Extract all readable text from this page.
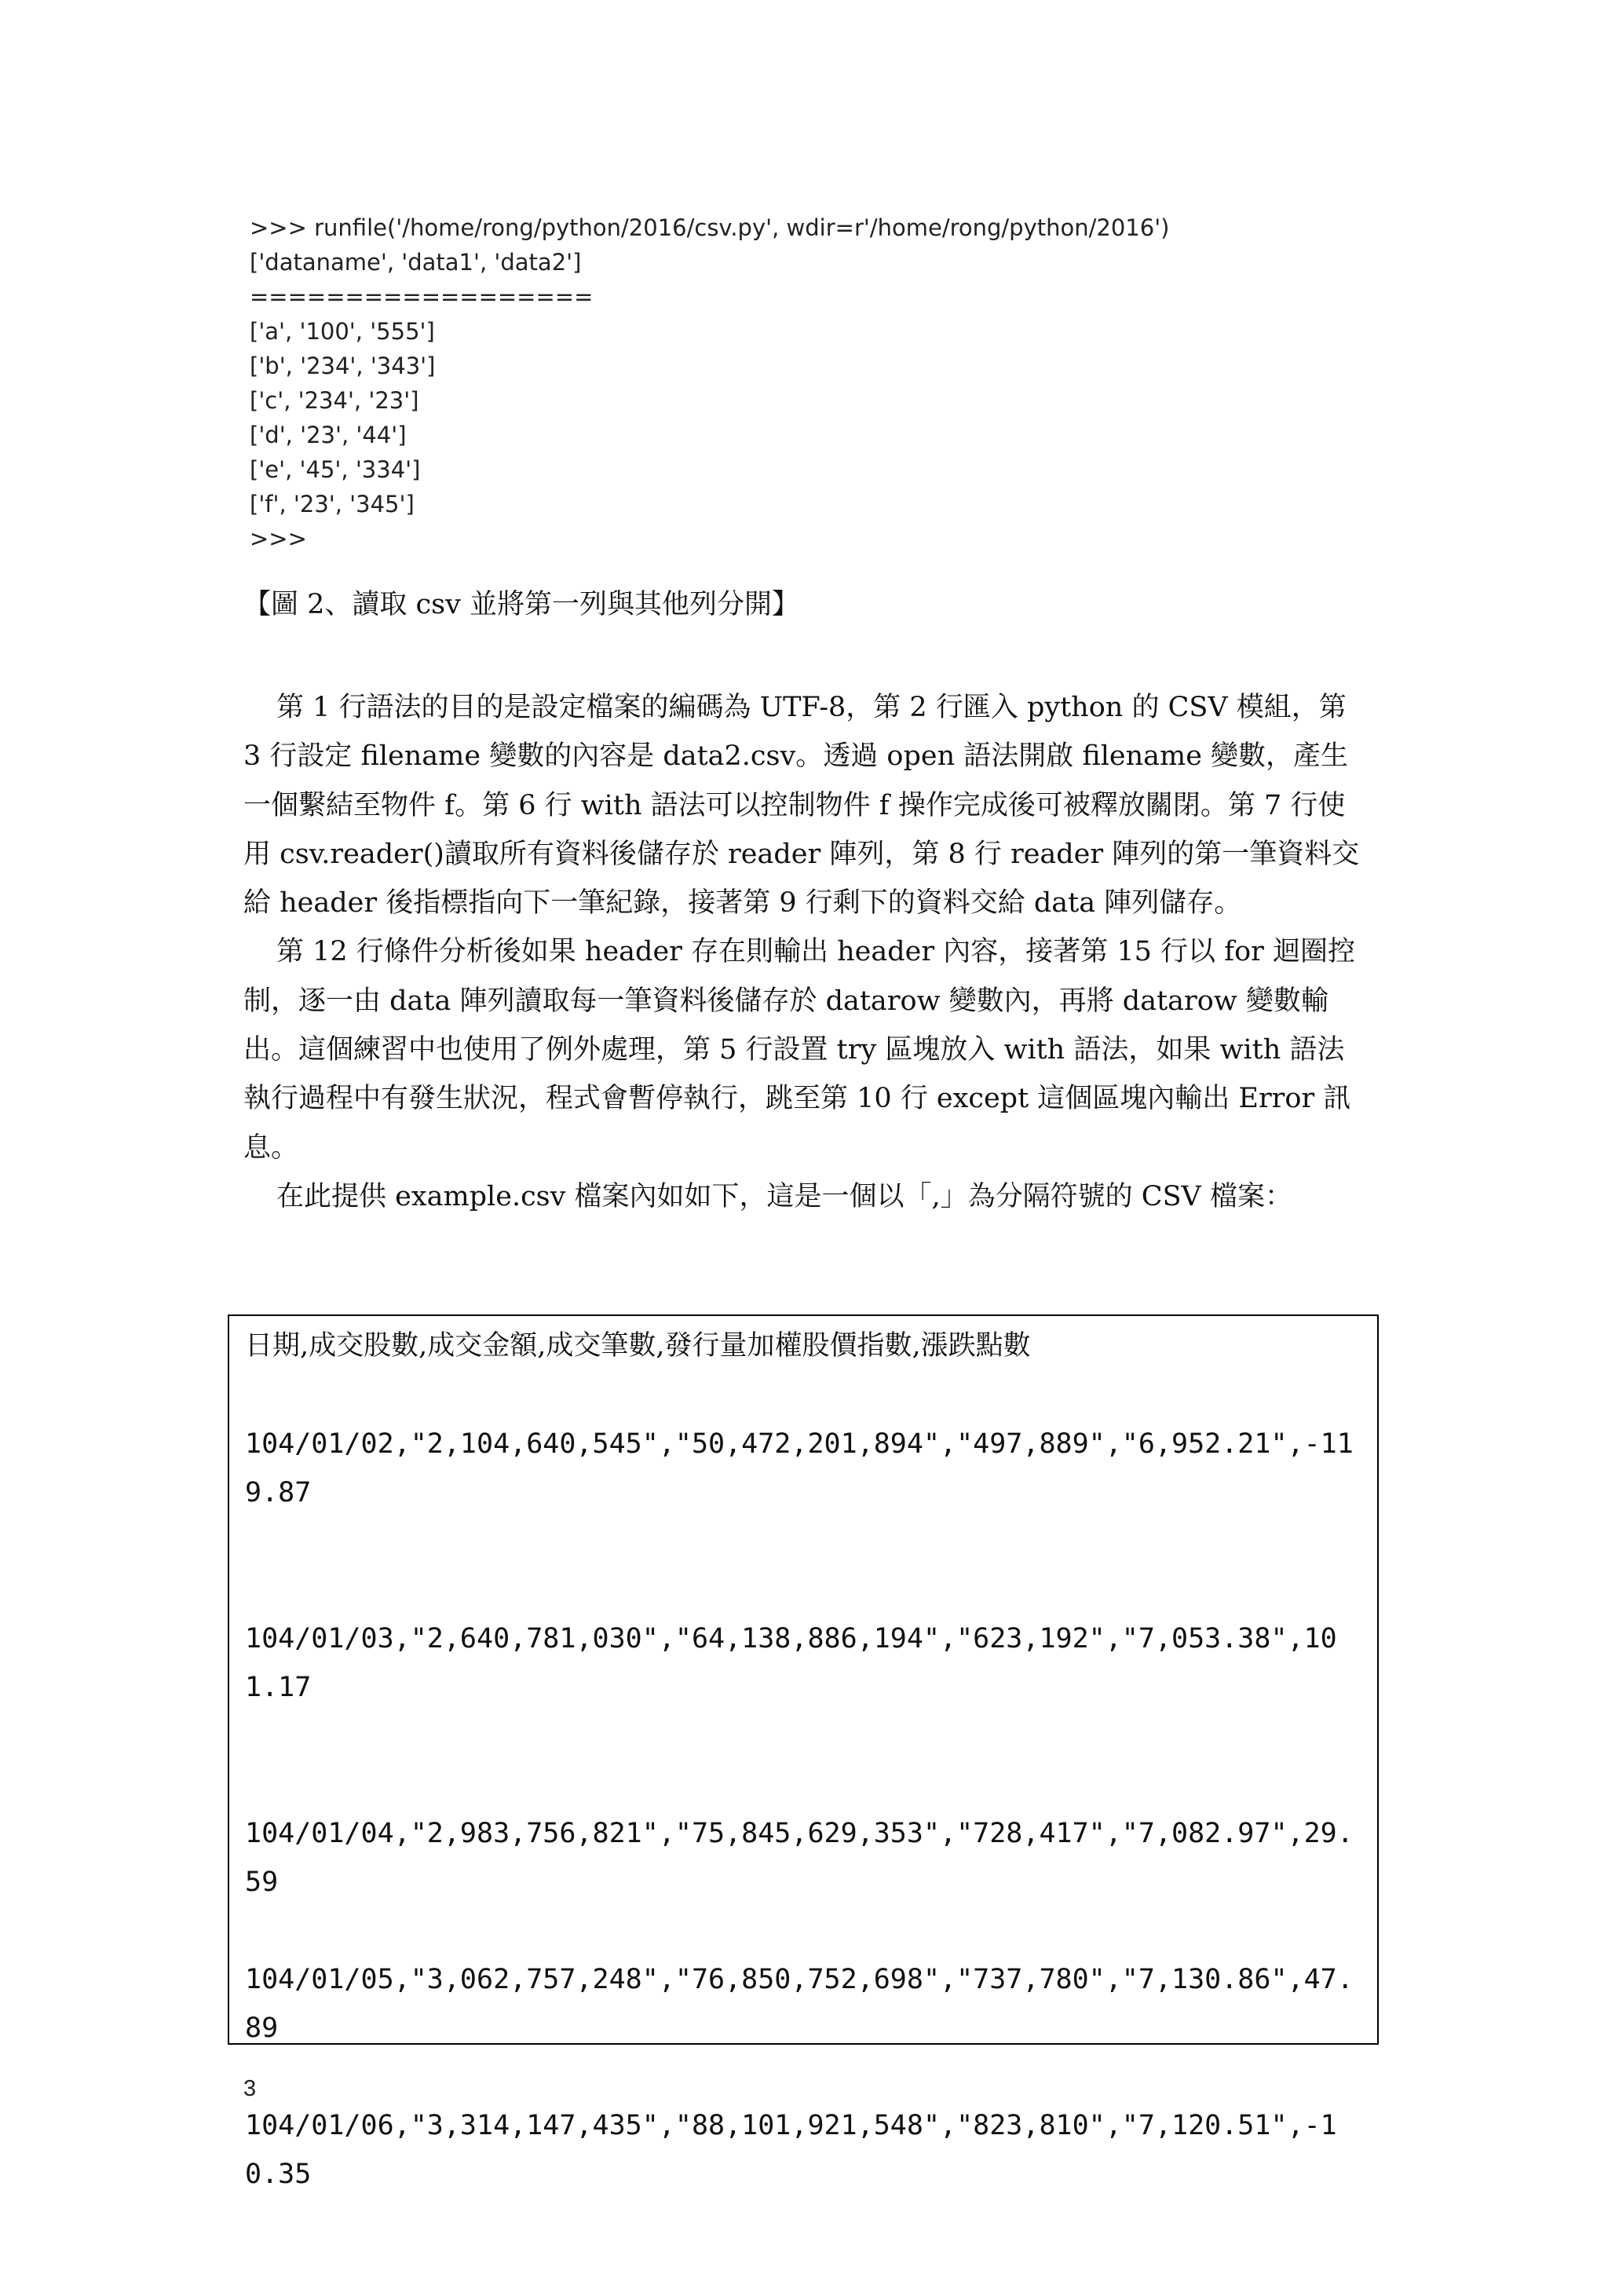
>>> runfile('/home/rong/python/2016/csv.py', wdir=r'/home/rong/python/2016')
['dataname', 'data1', 'data2']
==================
['a', '100', '555']
['b', '234', '343']
['c', '234', '23']
['d', '23', '44']
['e', '45', '334']
['f', '23', '345']
>>>
【圖 2、讀取 csv 並將第一列與其他列分開】

第 1 行語法的目的是設定檔案的編碼為 UTF-8，第 2 行匯入 python 的 CSV 模組，第 3 行設定 filename 變數的內容是 data2.csv。透過 open 語法開啟 filename 變數，產生一個繫結至物件 f。第 6 行 with 語法可以控制物件 f 操作完成後可被釋放關閉。第 7 行使用 csv.reader()讀取所有資料後儲存於 reader 陣列，第 8 行 reader 陣列的第一筆資料交給 header 後指標指向下一筆紀錄，接著第 9 行剩下的資料交給 data 陣列儲存。

第 12 行條件分析後如果 header 存在則輸出 header 內容，接著第 15 行以 for 迴圈控制，逐一由 data 陣列讀取每一筆資料後儲存於 datarow 變數內，再將 datarow 變數輸出。這個練習中也使用了例外處理，第 5 行設置 try 區塊放入 with 語法，如果 with 語法執行過程中有發生狀況，程式會暫停執行，跳至第 10 行 except 這個區塊內輸出 Error 訊息。

在此提供 example.csv 檔案內如如下，這是一個以「,」為分隔符號的 CSV 檔案：

日期,成交股數,成交金額,成交筆數,發行量加權股價指數,漲跌點數
104/01/02,"2,104,640,545","50,472,201,894","497,889","6,952.21",-119.87
104/01/03,"2,640,781,030","64,138,886,194","623,192","7,053.38",101.17
104/01/04,"2,983,756,821","75,845,629,353","728,417","7,082.97",29.59
104/01/05,"3,062,757,248","76,850,752,698","737,780","7,130.86",47.89
104/01/06,"3,314,147,435","88,101,921,548","823,810","7,120.51",-10.35
3
